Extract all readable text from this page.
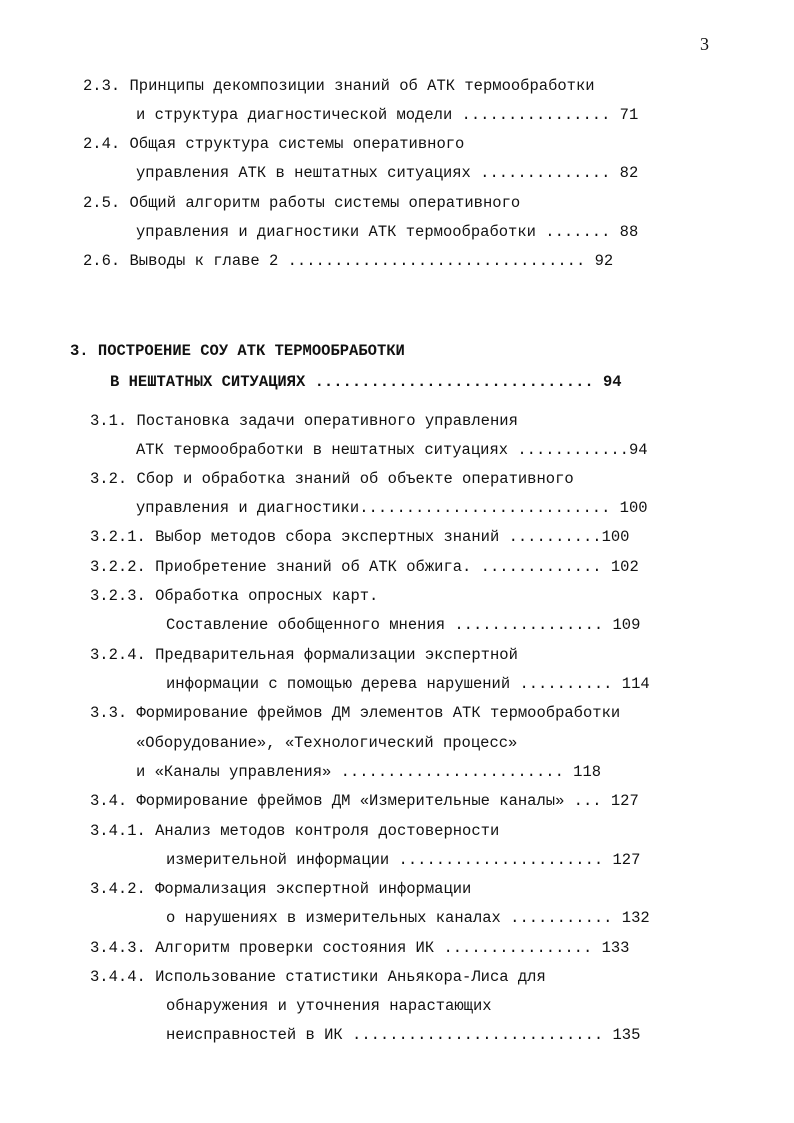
3
2.3. Принципы декомпозиции знаний об АТК термообработки
и структура диагностической модели ................ 71
2.4. Общая структура системы оперативного
управления АТК в нештатных ситуациях .............. 82
2.5. Общий алгоритм работы системы оперативного
управления и диагностики АТК термообработки ....... 88
2.6. Выводы к главе 2 ................................ 92
3. ПОСТРОЕНИЕ СОУ АТК ТЕРМООБРАБОТКИ
В НЕШТАТНЫХ СИТУАЦИЯХ .............................. 94
3.1. Постановка задачи оперативного управления
АТК термообработки в нештатных ситуациях ............94
3.2. Сбор и обработка знаний об объекте оперативного
управления и диагностики........................... 100
3.2.1. Выбор методов сбора экспертных знаний ..........100
3.2.2. Приобретение знаний об АТК обжига. ............. 102
3.2.3. Обработка опросных карт.
Составление обобщенного мнения ................ 109
3.2.4. Предварительная формализации экспертной
информации с помощью дерева нарушений .......... 114
3.3. Формирование фреймов ДМ элементов АТК термообработки
«Оборудование», «Технологический процесс»
и «Каналы управления» ........................ 118
3.4. Формирование фреймов ДМ «Измерительные каналы» ... 127
3.4.1. Анализ методов контроля достоверности
измерительной информации ...................... 127
3.4.2. Формализация экспертной информации
о нарушениях в измерительных каналах ........... 132
3.4.3. Алгоритм проверки состояния ИК ................ 133
3.4.4. Использование статистики Аньякора-Лиса для
обнаружения и уточнения нарастающих
неисправностей в ИК ........................... 135
